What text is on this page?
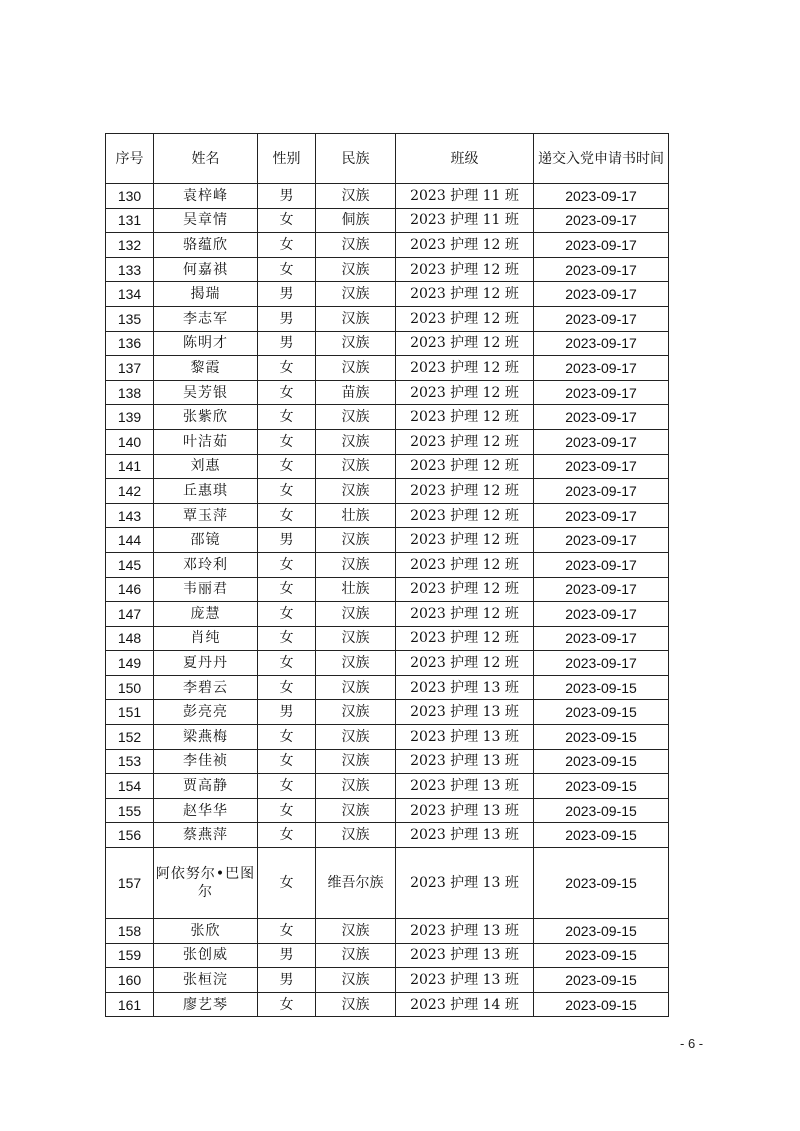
序号	姓名	性别	民族	班级	递交入党申请书时间
130	袁梓峰	男	汉族	2023 护理 11 班	2023-09-17
131	吴章情	女	侗族	2023 护理 11 班	2023-09-17
132	骆蕴欣	女	汉族	2023 护理 12 班	2023-09-17
133	何嘉祺	女	汉族	2023 护理 12 班	2023-09-17
134	揭瑞	男	汉族	2023 护理 12 班	2023-09-17
135	李志军	男	汉族	2023 护理 12 班	2023-09-17
136	陈明才	男	汉族	2023 护理 12 班	2023-09-17
137	黎霞	女	汉族	2023 护理 12 班	2023-09-17
138	吴芳银	女	苗族	2023 护理 12 班	2023-09-17
139	张紫欣	女	汉族	2023 护理 12 班	2023-09-17
140	叶洁茹	女	汉族	2023 护理 12 班	2023-09-17
141	刘惠	女	汉族	2023 护理 12 班	2023-09-17
142	丘惠琪	女	汉族	2023 护理 12 班	2023-09-17
143	覃玉萍	女	壮族	2023 护理 12 班	2023-09-17
144	邵镜	男	汉族	2023 护理 12 班	2023-09-17
145	邓玲利	女	汉族	2023 护理 12 班	2023-09-17
146	韦丽君	女	壮族	2023 护理 12 班	2023-09-17
147	庞慧	女	汉族	2023 护理 12 班	2023-09-17
148	肖纯	女	汉族	2023 护理 12 班	2023-09-17
149	夏丹丹	女	汉族	2023 护理 12 班	2023-09-17
150	李碧云	女	汉族	2023 护理 13 班	2023-09-15
151	彭亮亮	男	汉族	2023 护理 13 班	2023-09-15
152	梁燕梅	女	汉族	2023 护理 13 班	2023-09-15
153	李佳祯	女	汉族	2023 护理 13 班	2023-09-15
154	贾高静	女	汉族	2023 护理 13 班	2023-09-15
155	赵华华	女	汉族	2023 护理 13 班	2023-09-15
156	蔡燕萍	女	汉族	2023 护理 13 班	2023-09-15
157	阿依努尔•巴图尔	女	维吾尔族	2023 护理 13 班	2023-09-15
158	张欣	女	汉族	2023 护理 13 班	2023-09-15
159	张创威	男	汉族	2023 护理 13 班	2023-09-15
160	张桓浣	男	汉族	2023 护理 13 班	2023-09-15
161	廖艺琴	女	汉族	2023 护理 14 班	2023-09-15
- 6 -
